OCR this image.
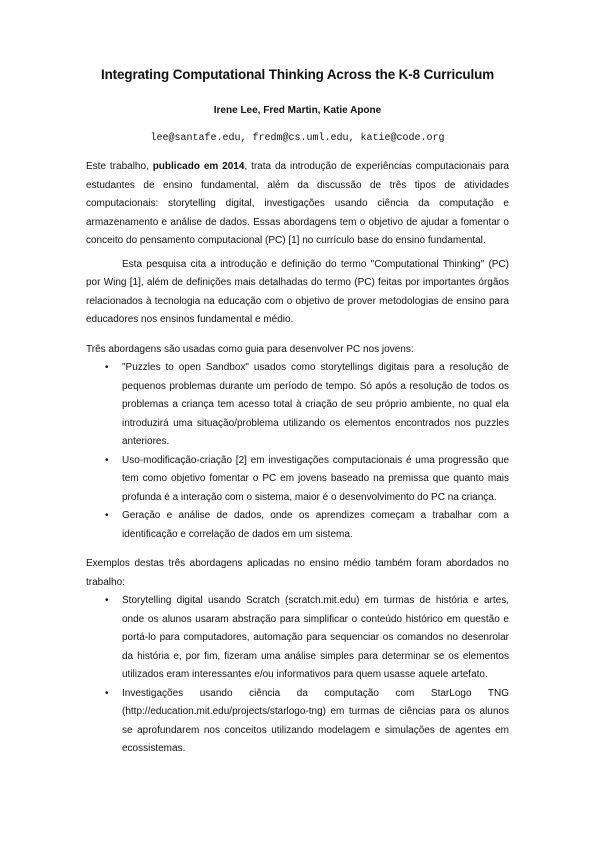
Integrating Computational Thinking Across the K-8 Curriculum
Irene Lee, Fred Martin, Katie Apone
lee@santafe.edu, fredm@cs.uml.edu, katie@code.org

Este trabalho, publicado em 2014, trata da introdução de experiências computacionais para estudantes de ensino fundamental, além da discussão de três tipos de atividades computacionais: storytelling digital, investigações usando ciência da computação e armazenamento e análise de dados. Essas abordagens tem o objetivo de ajudar a fomentar o conceito do pensamento computacional (PC) [1] no currículo base do ensino fundamental.

Esta pesquisa cita a introdução e definição do termo "Computational Thinking" (PC) por Wing [1], além de definições mais detalhadas do termo (PC) feitas por importantes órgãos relacionados à tecnologia na educação com o objetivo de prover metodologias de ensino para educadores nos ensinos fundamental e médio.

Três abordagens são usadas como guia para desenvolver PC nos jovens:

• "Puzzles to open Sandbox" usados como storytellings digitais para a resolução de pequenos problemas durante um período de tempo. Só após a resolução de todos os problemas a criança tem acesso total à criação de seu próprio ambiente, no qual ela introduzirá uma situação/problema utilizando os elementos encontrados nos puzzles anteriores.
• Uso-modificação-criação [2] em investigações computacionais é uma progressão que tem como objetivo fomentar o PC em jovens baseado na premissa que quanto mais profunda é a interação com o sistema, maior é o desenvolvimento do PC na criança.
• Geração e análise de dados, onde os aprendizes começam a trabalhar com a identificação e correlação de dados em um sistema.

Exemplos destas três abordagens aplicadas no ensino médio também foram abordados no trabalho:

• Storytelling digital usando Scratch (scratch.mit.edu) em turmas de história e artes, onde os alunos usaram abstração para simplificar o conteúdo histórico em questão e portá-lo para computadores, automação para sequenciar os comandos no desenrolar da história e, por fim, fizeram uma análise simples para determinar se os elementos utilizados eram interessantes e/ou informativos para quem usasse aquele artefato.
• Investigações usando ciência da computação com StarLogo TNG (http://education.mit.edu/projects/starlogo-tng) em turmas de ciências para os alunos se aprofundarem nos conceitos utilizando modelagem e simulações de agentes em ecossistemas.
